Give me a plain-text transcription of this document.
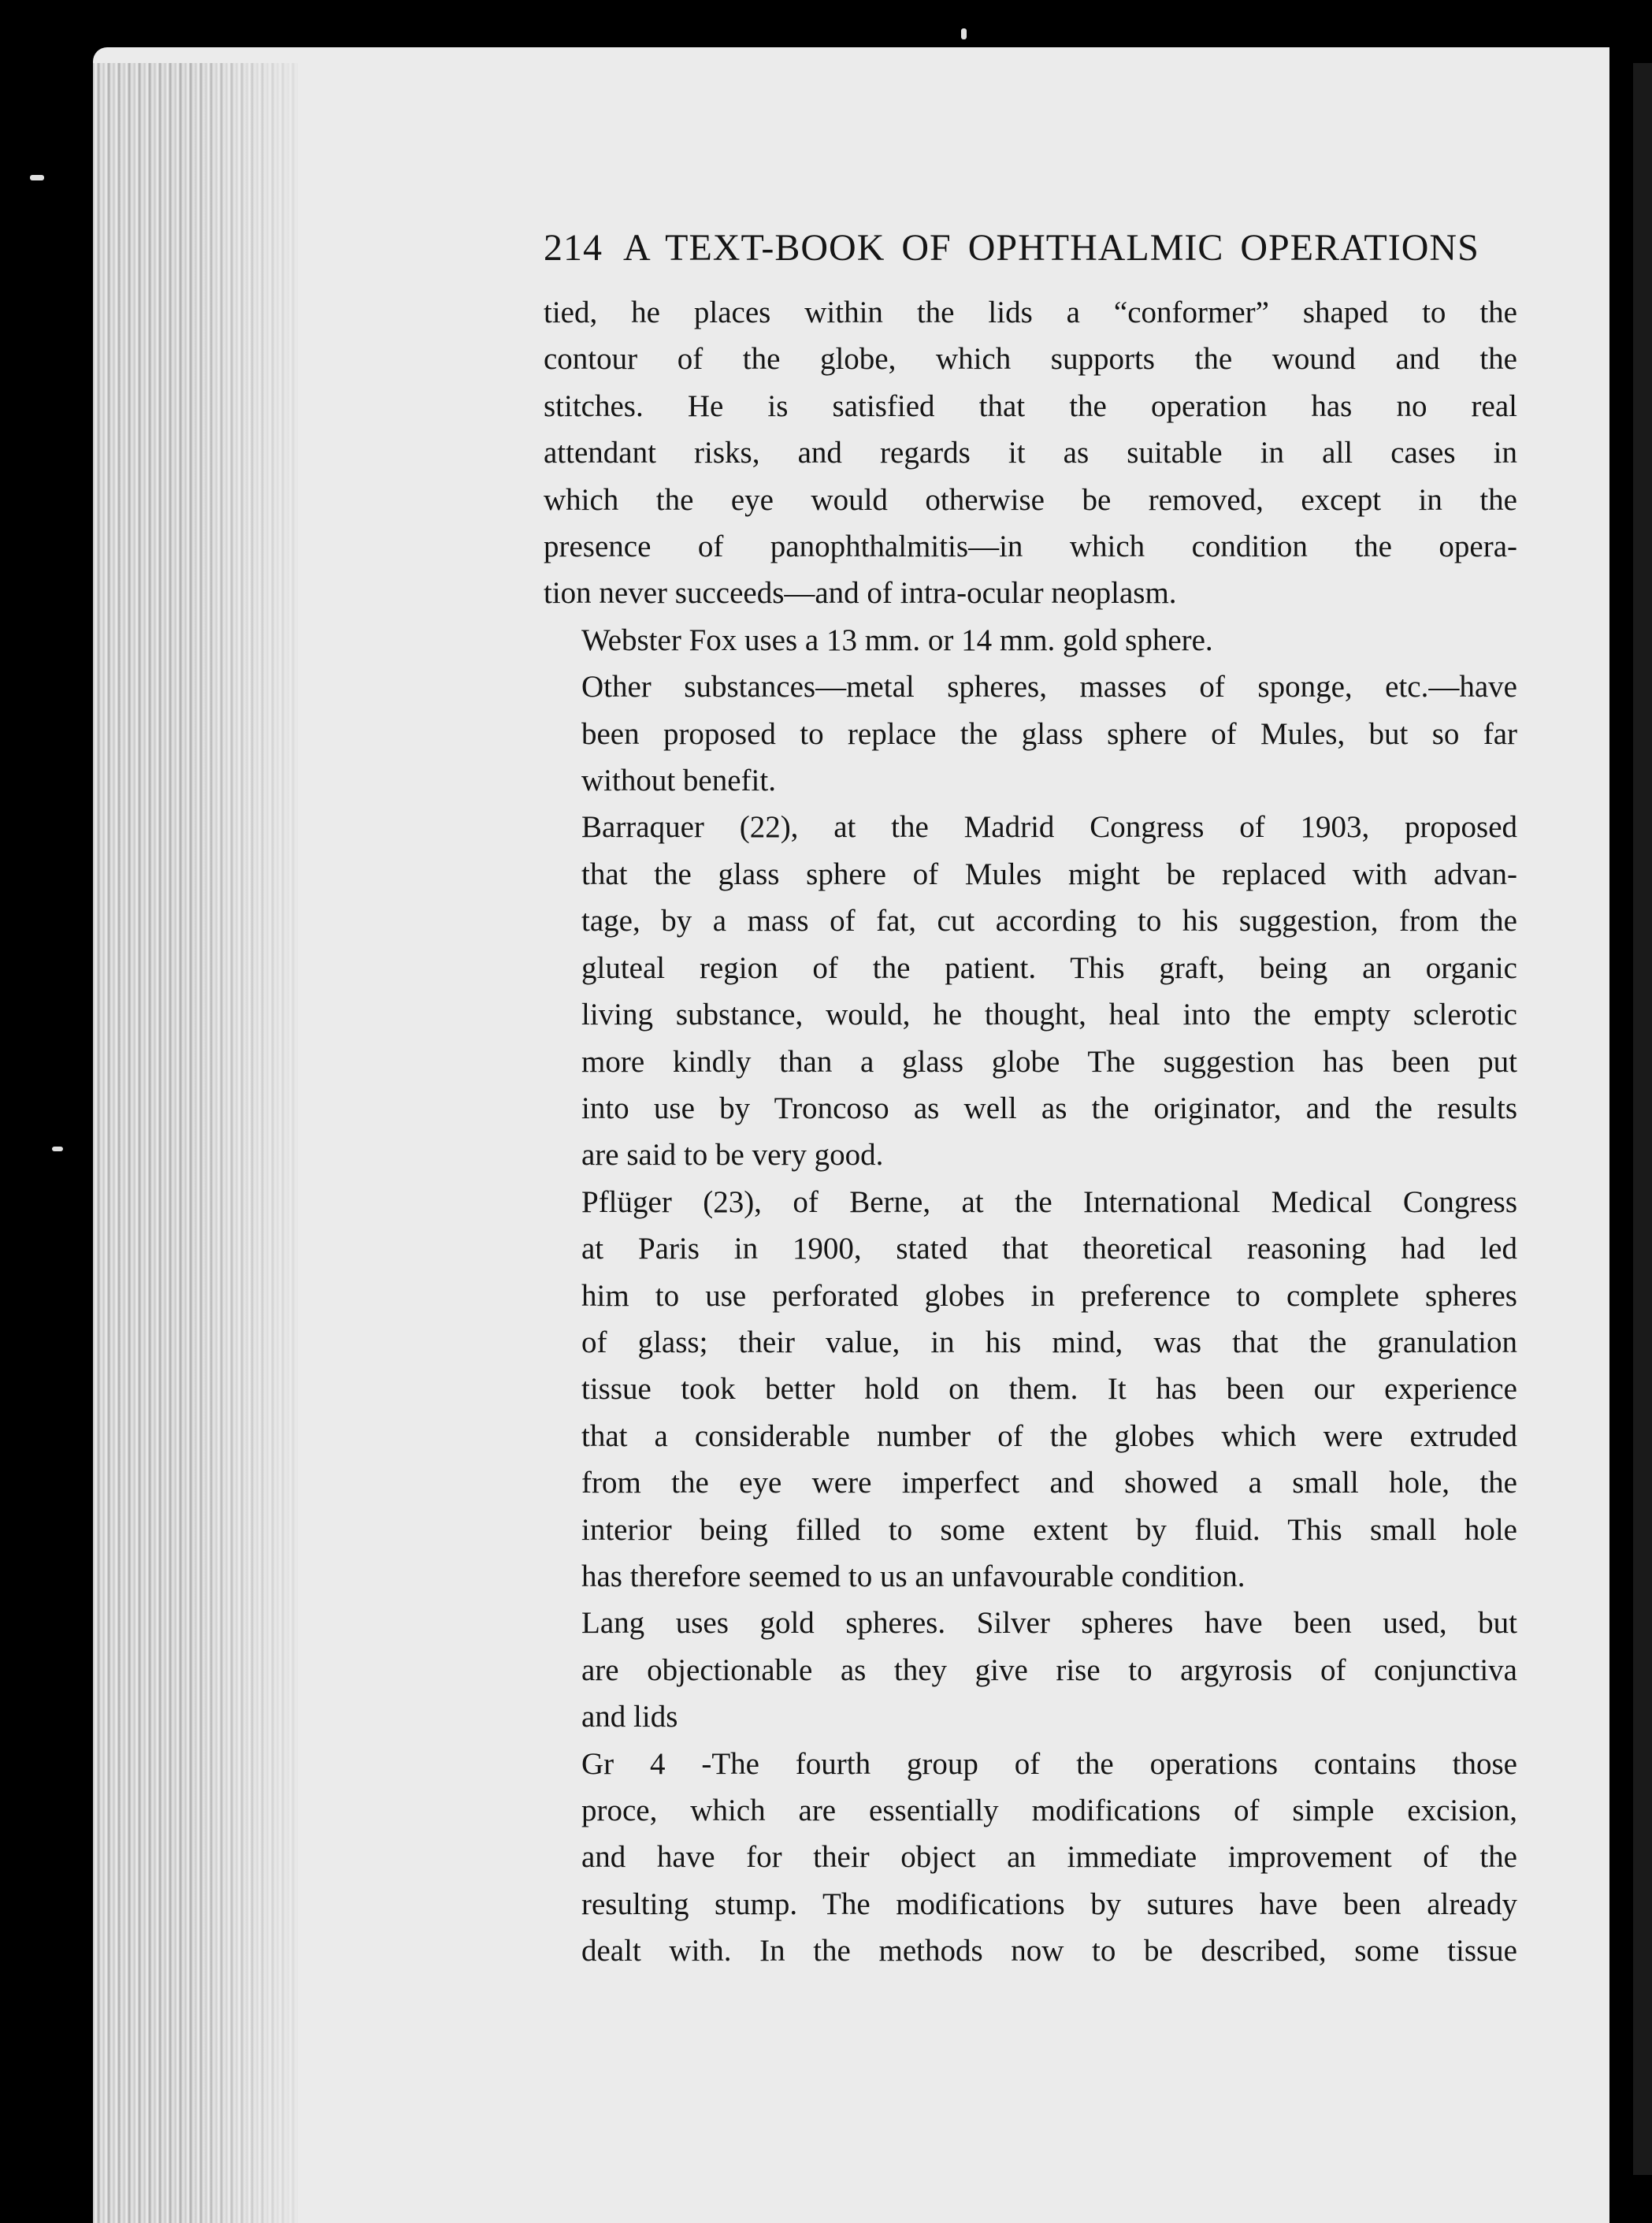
214 A TEXT-BOOK OF OPHTHALMIC OPERATIONS

tied, he places within the lids a “conformer” shaped to the
contour of the globe, which supports the wound and the
stitches. He is satisfied that the operation has no real
attendant risks, and regards it as suitable in all cases in
which the eye would otherwise be removed, except in the
presence of panophthalmitis—in which condition the opera-
tion never succeeds—and of intra-ocular neoplasm.

Webster Fox uses a 13 mm. or 14 mm. gold sphere.

Other substances—metal spheres, masses of sponge, etc.—have
been proposed to replace the glass sphere of Mules, but so far
without benefit.

Barraquer (22), at the Madrid Congress of 1903, proposed
that the glass sphere of Mules might be replaced with advan-
tage, by a mass of fat, cut according to his suggestion, from the
gluteal region of the patient. This graft, being an organic
living substance, would, he thought, heal into the empty sclerotic
more kindly than a glass globe The suggestion has been put
into use by Troncoso as well as the originator, and the results
are said to be very good.

Pflüger (23), of Berne, at the International Medical Congress
at Paris in 1900, stated that theoretical reasoning had led
him to use perforated globes in preference to complete spheres
of glass; their value, in his mind, was that the granulation
tissue took better hold on them. It has been our experience
that a considerable number of the globes which were extruded
from the eye were imperfect and showed a small hole, the
interior being filled to some extent by fluid. This small hole
has therefore seemed to us an unfavourable condition.

Lang uses gold spheres. Silver spheres have been used, but
are objectionable as they give rise to argyrosis of conjunctiva
and lids

Gr 4 -The fourth group of the operations contains those
proce, which are essentially modifications of simple excision,
and have for their object an immediate improvement of the
resulting stump. The modifications by sutures have been already
dealt with. In the methods now to be described, some tissue
